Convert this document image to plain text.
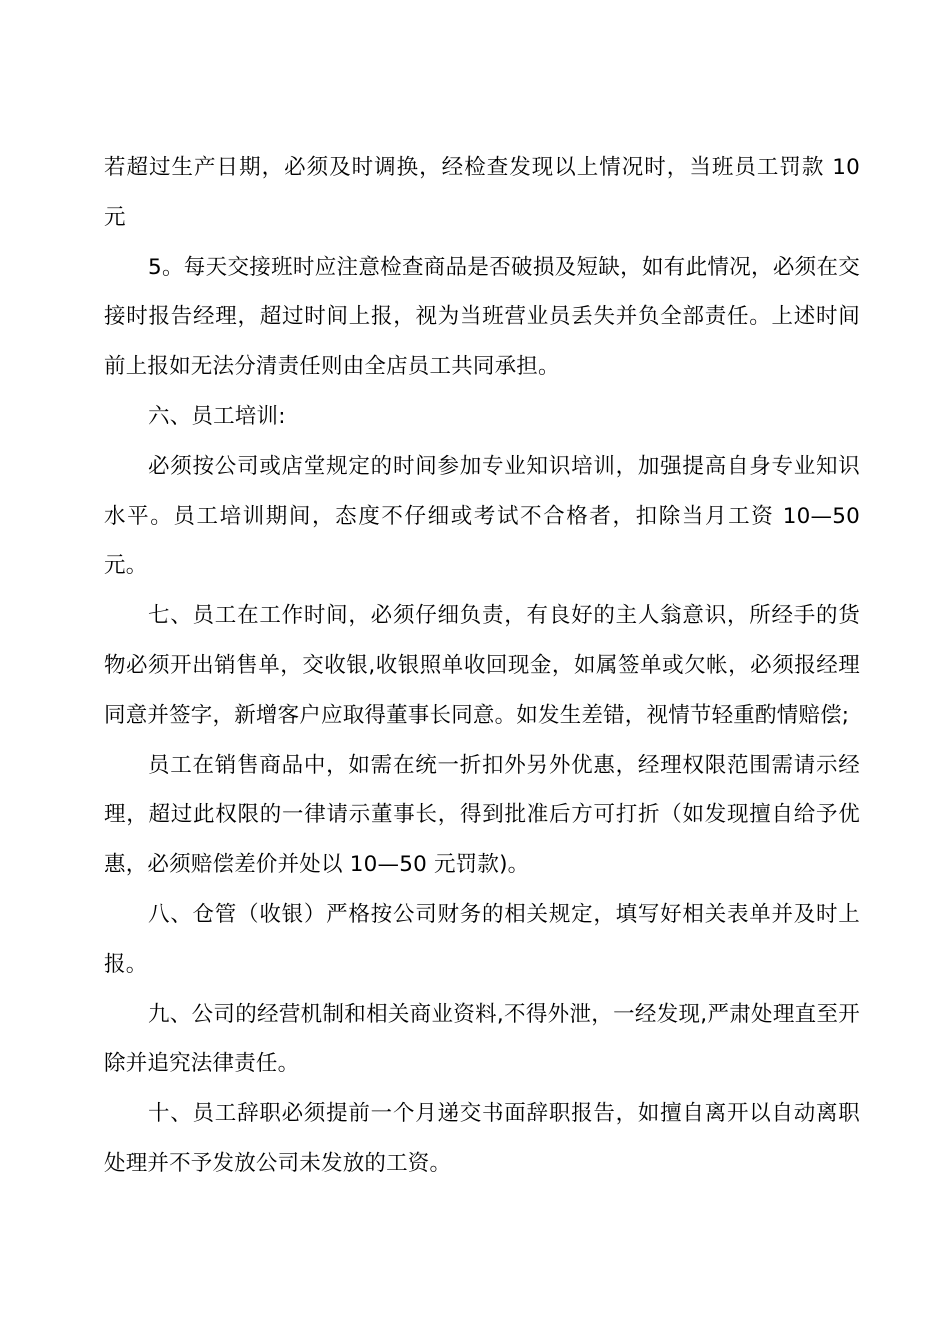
若超过生产日期，必须及时调换，经检查发现以上情况时，当班员工罚款 10 元

5。每天交接班时应注意检查商品是否破损及短缺，如有此情况，必须在交接时报告经理，超过时间上报，视为当班营业员丢失并负全部责任。上述时间前上报如无法分清责任则由全店员工共同承担。

六、员工培训:

必须按公司或店堂规定的时间参加专业知识培训，加强提高自身专业知识水平。员工培训期间，态度不仔细或考试不合格者，扣除当月工资 10—50 元。

七、员工在工作时间，必须仔细负责，有良好的主人翁意识，所经手的货物必须开出销售单，交收银,收银照单收回现金，如属签单或欠帐，必须报经理同意并签字，新增客户应取得董事长同意。如发生差错，视情节轻重酌情赔偿;

员工在销售商品中，如需在统一折扣外另外优惠，经理权限范围需请示经理，超过此权限的一律请示董事长，得到批准后方可打折（如发现擅自给予优惠，必须赔偿差价并处以 10—50 元罚款)。

八、仓管（收银）严格按公司财务的相关规定，填写好相关表单并及时上报。

九、公司的经营机制和相关商业资料,不得外泄，一经发现,严肃处理直至开除并追究法律责任。

十、员工辞职必须提前一个月递交书面辞职报告，如擅自离开以自动离职处理并不予发放公司未发放的工资。
